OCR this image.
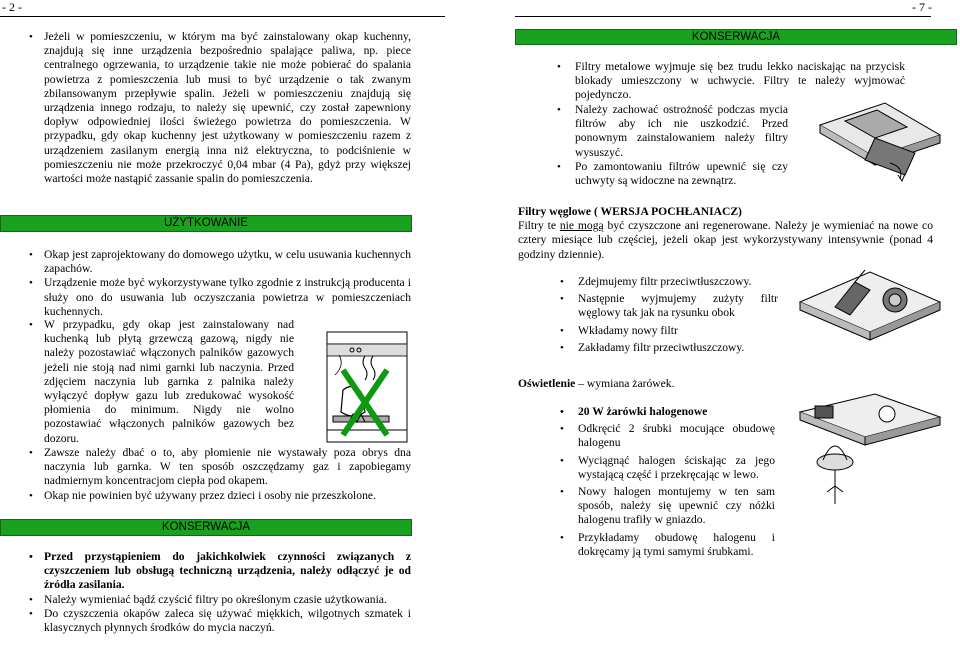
- 2 -	- 7 -
• Jeżeli w pomieszczeniu, w którym ma być zainstalowany okap kuchenny, znajdują się inne urządzenia bezpośrednio spalające paliwa, np. piece centralnego ogrzewania, to urządzenie takie nie może pobierać do spalania powietrza z pomieszczenia lub musi to być urządzenie o tak zwanym zbilansowanym przepływie spalin. Jeżeli w pomieszczeniu znajdują się urządzenia innego rodzaju, to należy się upewnić, czy został zapewniony dopływ odpowiedniej ilości świeżego powietrza do pomieszczenia. W przypadku, gdy okap kuchenny jest użytkowany w pomieszczeniu razem z urządzeniem zasilanym energią inna niż elektryczna, to podciśnienie w pomieszczeniu nie może przekroczyć 0,04 mbar (4 Pa), gdyż przy większej wartości może nastąpić zassanie spalin do pomieszczenia.
UŻYTKOWANIE
• Okap jest zaprojektowany do domowego użytku, w celu usuwania kuchennych zapachów.
• Urządzenie może być wykorzystywane tylko zgodnie z instrukcją producenta i służy ono do usuwania lub oczyszczania powietrza w pomieszczeniach kuchennych.
• W przypadku, gdy okap jest zainstalowany nad kuchenką lub płytą grzewczą gazową, nigdy nie należy pozostawiać włączonych palników gazowych jeżeli nie stoją nad nimi garnki lub naczynia. Przed zdjęciem naczynia lub garnka z palnika należy wyłączyć dopływ gazu lub zredukować wysokość płomienia do minimum. Nigdy nie wolno pozostawiać włączonych palników gazowych bez dozoru.
• Zawsze należy dbać o to, aby płomienie nie wystawały poza obrys dna naczynia lub garnka. W ten sposób oszczędzamy gaz i zapobiegamy nadmiernym koncentracjom ciepła pod okapem.
• Okap nie powinien być używany przez dzieci i osoby nie przeszkolone.
KONSERWACJA
• Przed przystąpieniem do jakichkolwiek czynności związanych z czyszczeniem lub obsługą techniczną urządzenia, należy odłączyć je od źródła zasilania.
• Należy wymieniać bądź czyścić filtry po określonym czasie użytkowania.
• Do czyszczenia okapów zaleca się używać miękkich, wilgotnych szmatek i klasycznych płynnych środków do mycia naczyń.
KONSERWACJA
• Filtry metalowe wyjmuje się bez trudu lekko naciskając na przycisk blokady umieszczony w uchwycie. Filtry te należy wyjmować pojedynczo.
• Należy zachować ostrożność podczas mycia filtrów aby ich nie uszkodzić. Przed ponownym zainstalowaniem należy filtry wysuszyć.
• Po zamontowaniu filtrów upewnić się czy uchwyty są widoczne na zewnątrz.
Filtry węglowe ( WERSJA POCHŁANIACZ)
Filtry te nie mogą być czyszczone ani regenerowane. Należy je wymieniać na nowe co cztery miesiące lub częściej, jeżeli okap jest wykorzystywany intensywnie (ponad 4 godziny dziennie).
• Zdejmujemy filtr przeciwtłuszczowy.
• Następnie wyjmujemy zużyty filtr węglowy tak jak na rysunku obok
• Wkładamy nowy filtr
• Zakładamy filtr przeciwtłuszczowy.
Oświetlenie – wymiana żarówek.
• 20 W żarówki halogenowe
• Odkręcić 2 śrubki mocujące obudowę halogenu
• Wyciągnąć halogen ściskając za jego wystającą część i przekręcając w lewo.
• Nowy halogen montujemy w ten sam sposób, należy się upewnić czy nóżki halogenu trafiły w gniazdo.
• Przykładamy obudowę halogenu i dokręcamy ją tymi samymi śrubkami.
